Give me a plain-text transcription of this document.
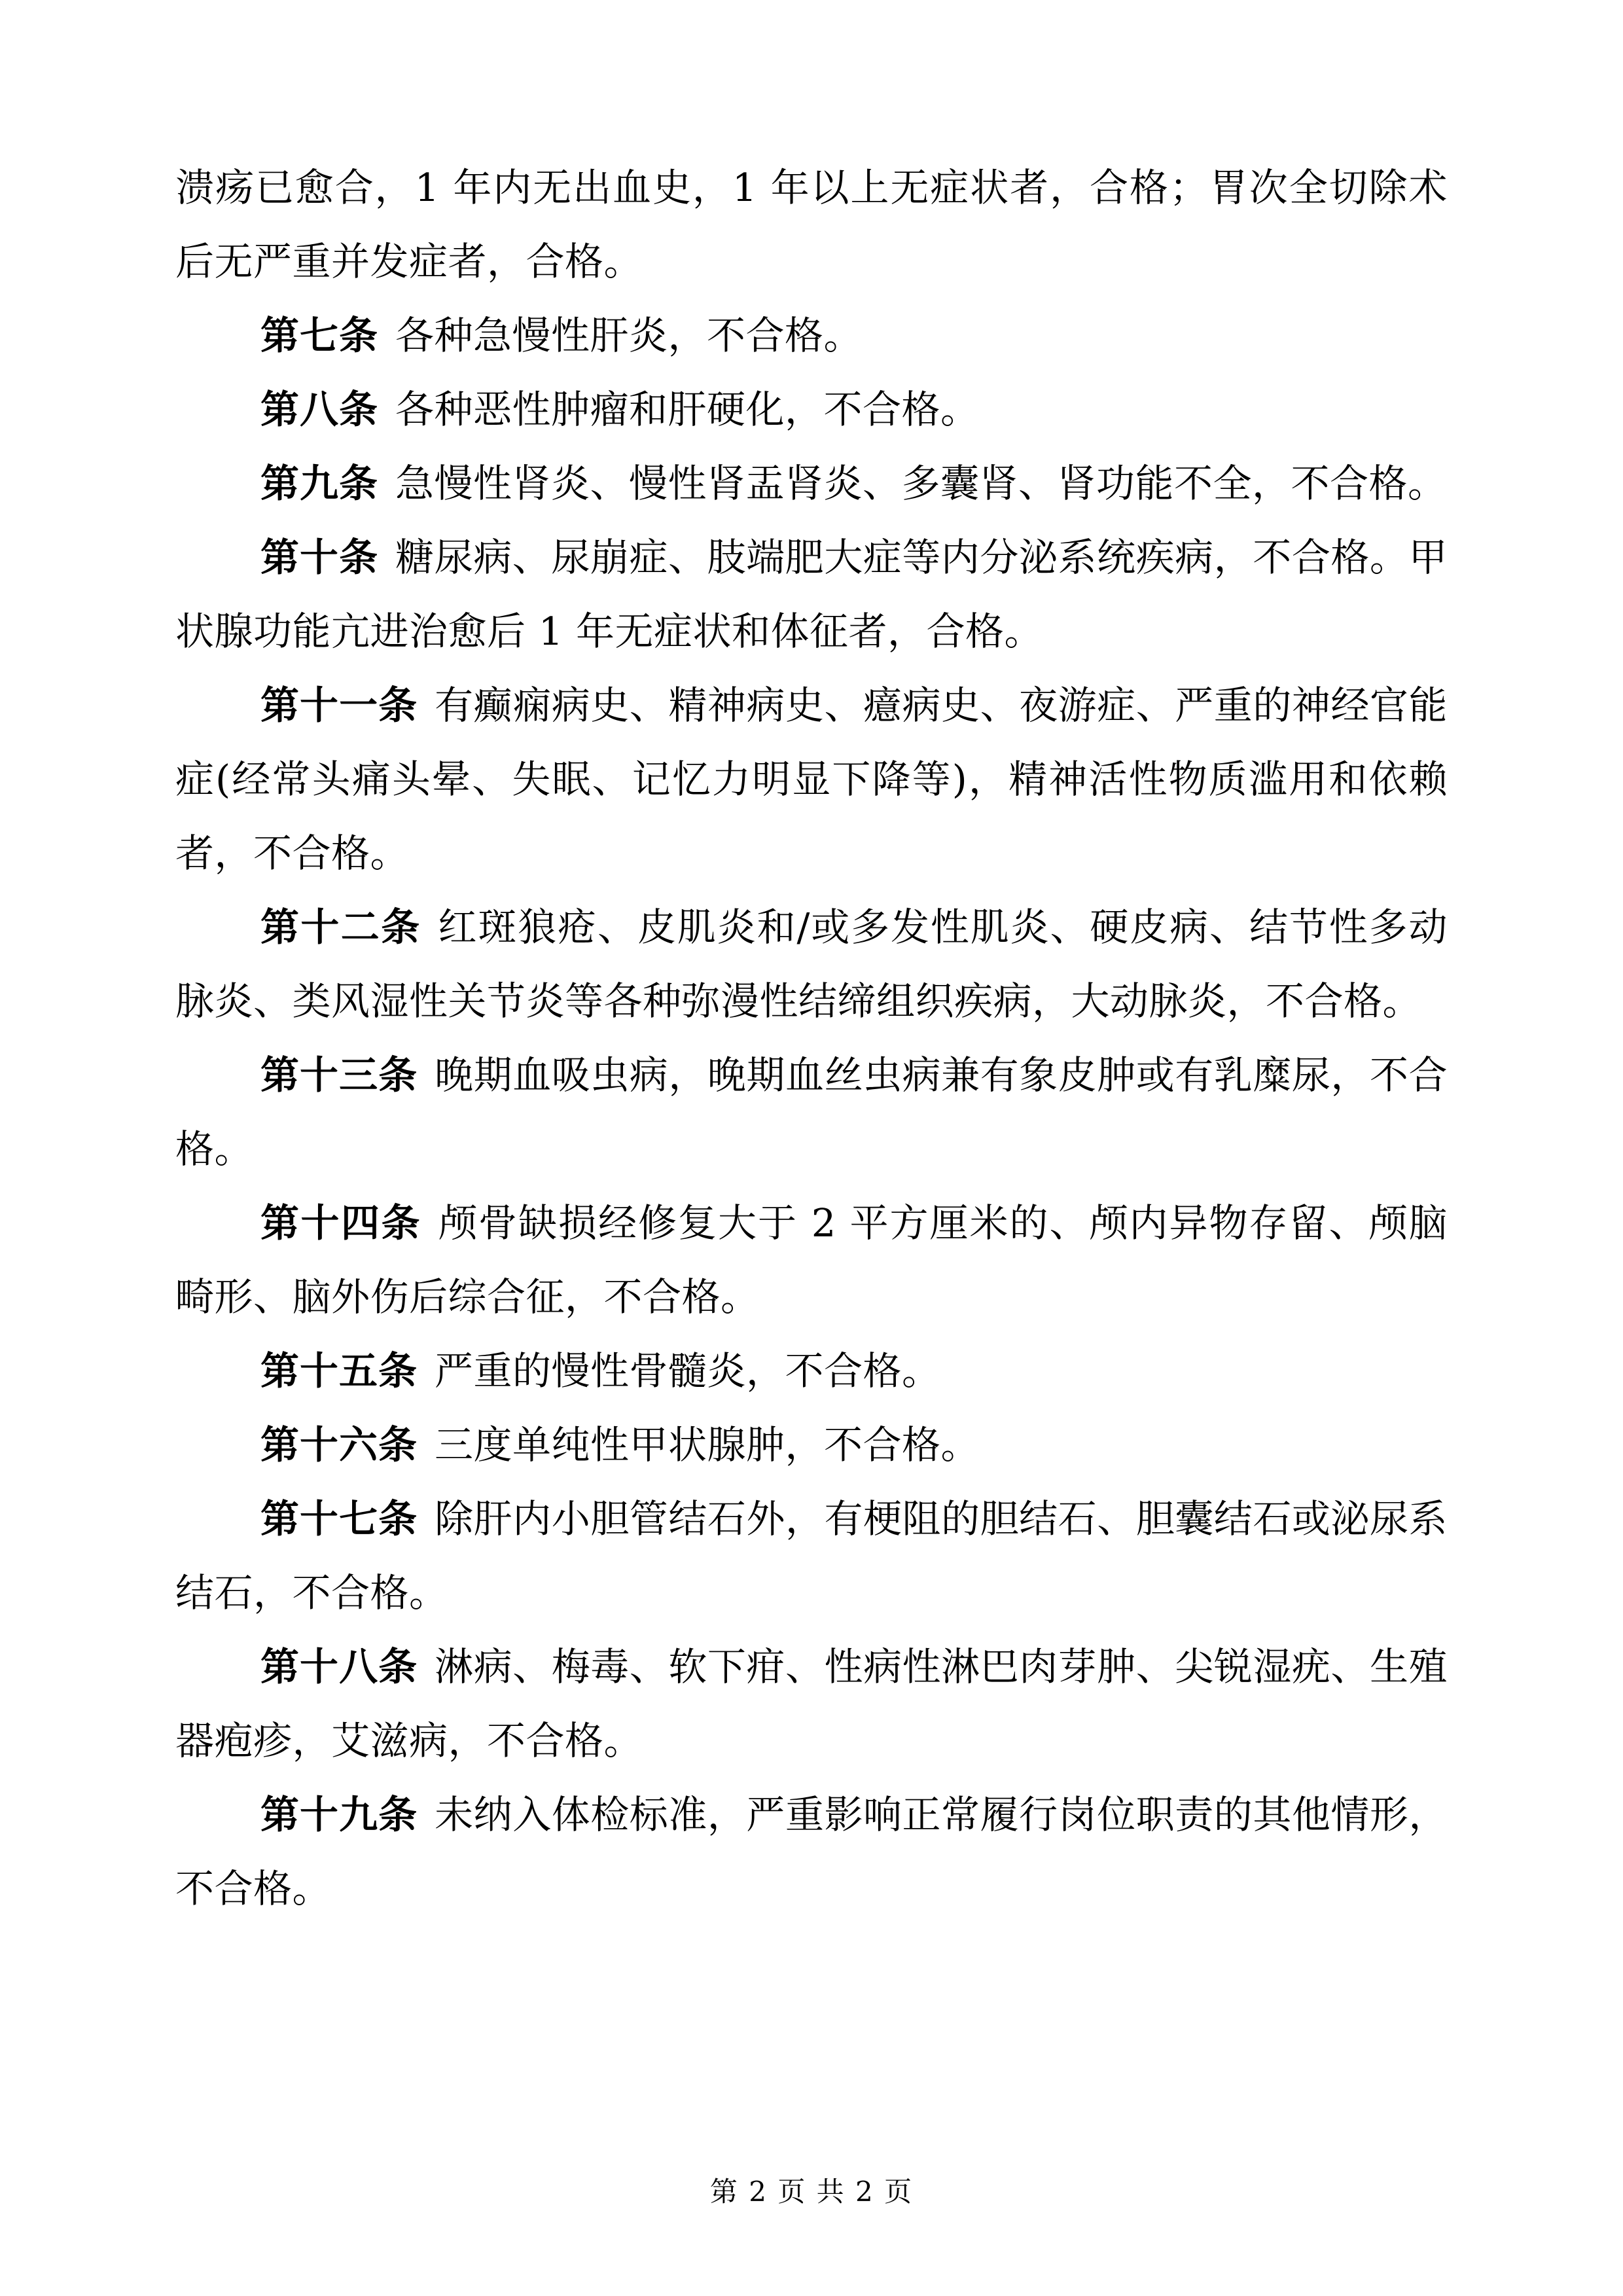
溃疡已愈合，1 年内无出血史，1 年以上无症状者，合格；胃次全切除术后无严重并发症者，合格。

第七条 各种急慢性肝炎，不合格。

第八条 各种恶性肿瘤和肝硬化，不合格。

第九条 急慢性肾炎、慢性肾盂肾炎、多囊肾、肾功能不全，不合格。

第十条 糖尿病、尿崩症、肢端肥大症等内分泌系统疾病，不合格。甲状腺功能亢进治愈后 1 年无症状和体征者，合格。

第十一条 有癫痫病史、精神病史、癔病史、夜游症、严重的神经官能症(经常头痛头晕、失眠、记忆力明显下降等)，精神活性物质滥用和依赖者，不合格。

第十二条 红斑狼疮、皮肌炎和/或多发性肌炎、硬皮病、结节性多动脉炎、类风湿性关节炎等各种弥漫性结缔组织疾病，大动脉炎，不合格。

第十三条 晚期血吸虫病，晚期血丝虫病兼有象皮肿或有乳糜尿，不合格。

第十四条 颅骨缺损经修复大于 2 平方厘米的、颅内异物存留、颅脑畸形、脑外伤后综合征，不合格。

第十五条 严重的慢性骨髓炎，不合格。

第十六条 三度单纯性甲状腺肿，不合格。

第十七条 除肝内小胆管结石外，有梗阻的胆结石、胆囊结石或泌尿系结石，不合格。

第十八条 淋病、梅毒、软下疳、性病性淋巴肉芽肿、尖锐湿疣、生殖器疱疹，艾滋病，不合格。

第十九条 未纳入体检标准，严重影响正常履行岗位职责的其他情形，不合格。

第 2 页 共 2 页
